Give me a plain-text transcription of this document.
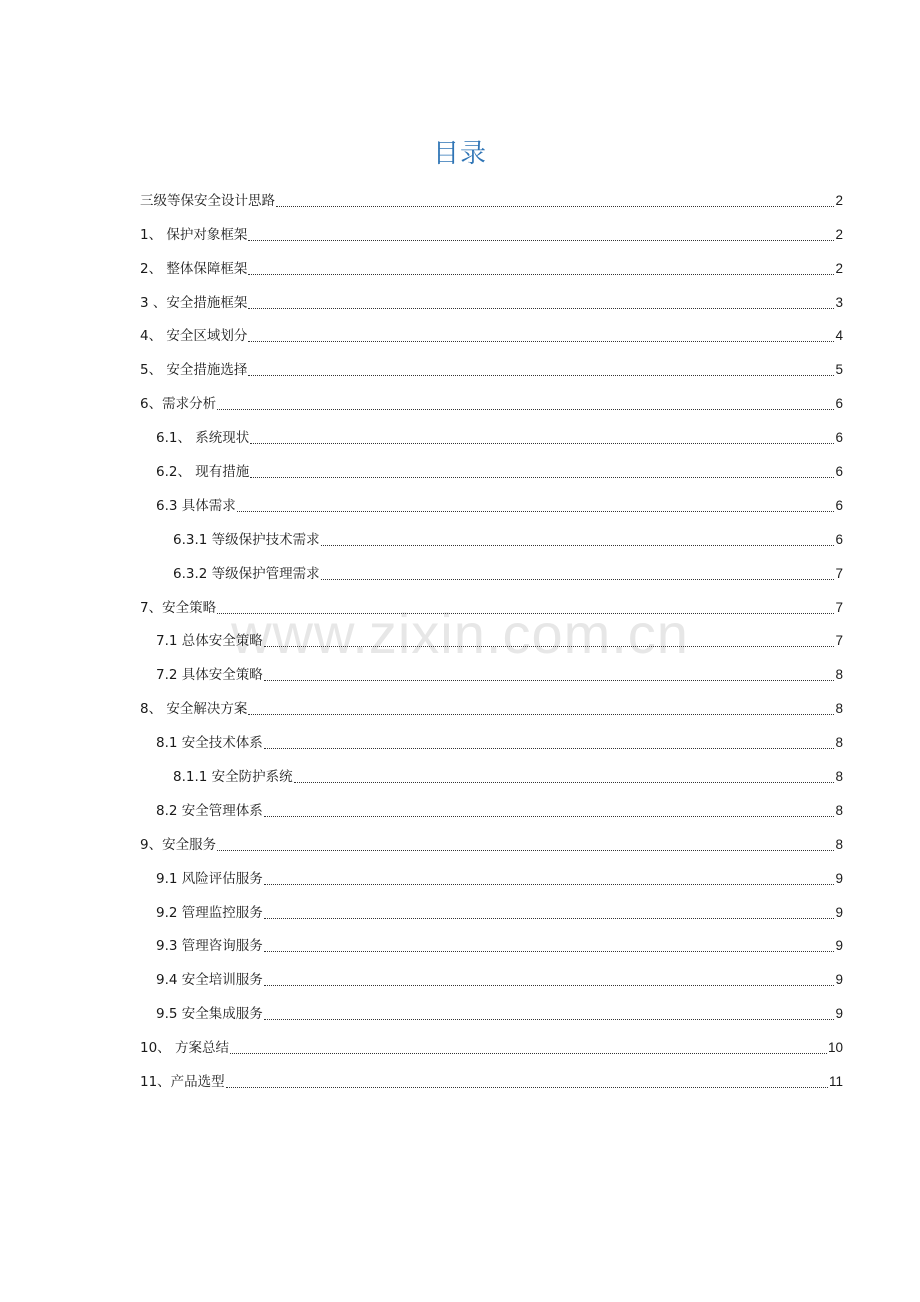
目录
www.zixin.com.cn
三级等保安全设计思路	2
1、 保护对象框架	2
2、 整体保障框架	2
3 、安全措施框架	3
4、 安全区域划分	4
5、 安全措施选择	5
6、需求分析	6
6.1、 系统现状	6
6.2、 现有措施	6
6.3 具体需求	6
6.3.1 等级保护技术需求	6
6.3.2 等级保护管理需求	7
7、安全策略	7
7.1 总体安全策略	7
7.2 具体安全策略	8
8、 安全解决方案	8
8.1 安全技术体系	8
8.1.1 安全防护系统	8
8.2 安全管理体系	8
9、安全服务	8
9.1 风险评估服务	9
9.2 管理监控服务	9
9.3 管理咨询服务	9
9.4 安全培训服务	9
9.5 安全集成服务	9
10、 方案总结	10
11、产品选型	11
